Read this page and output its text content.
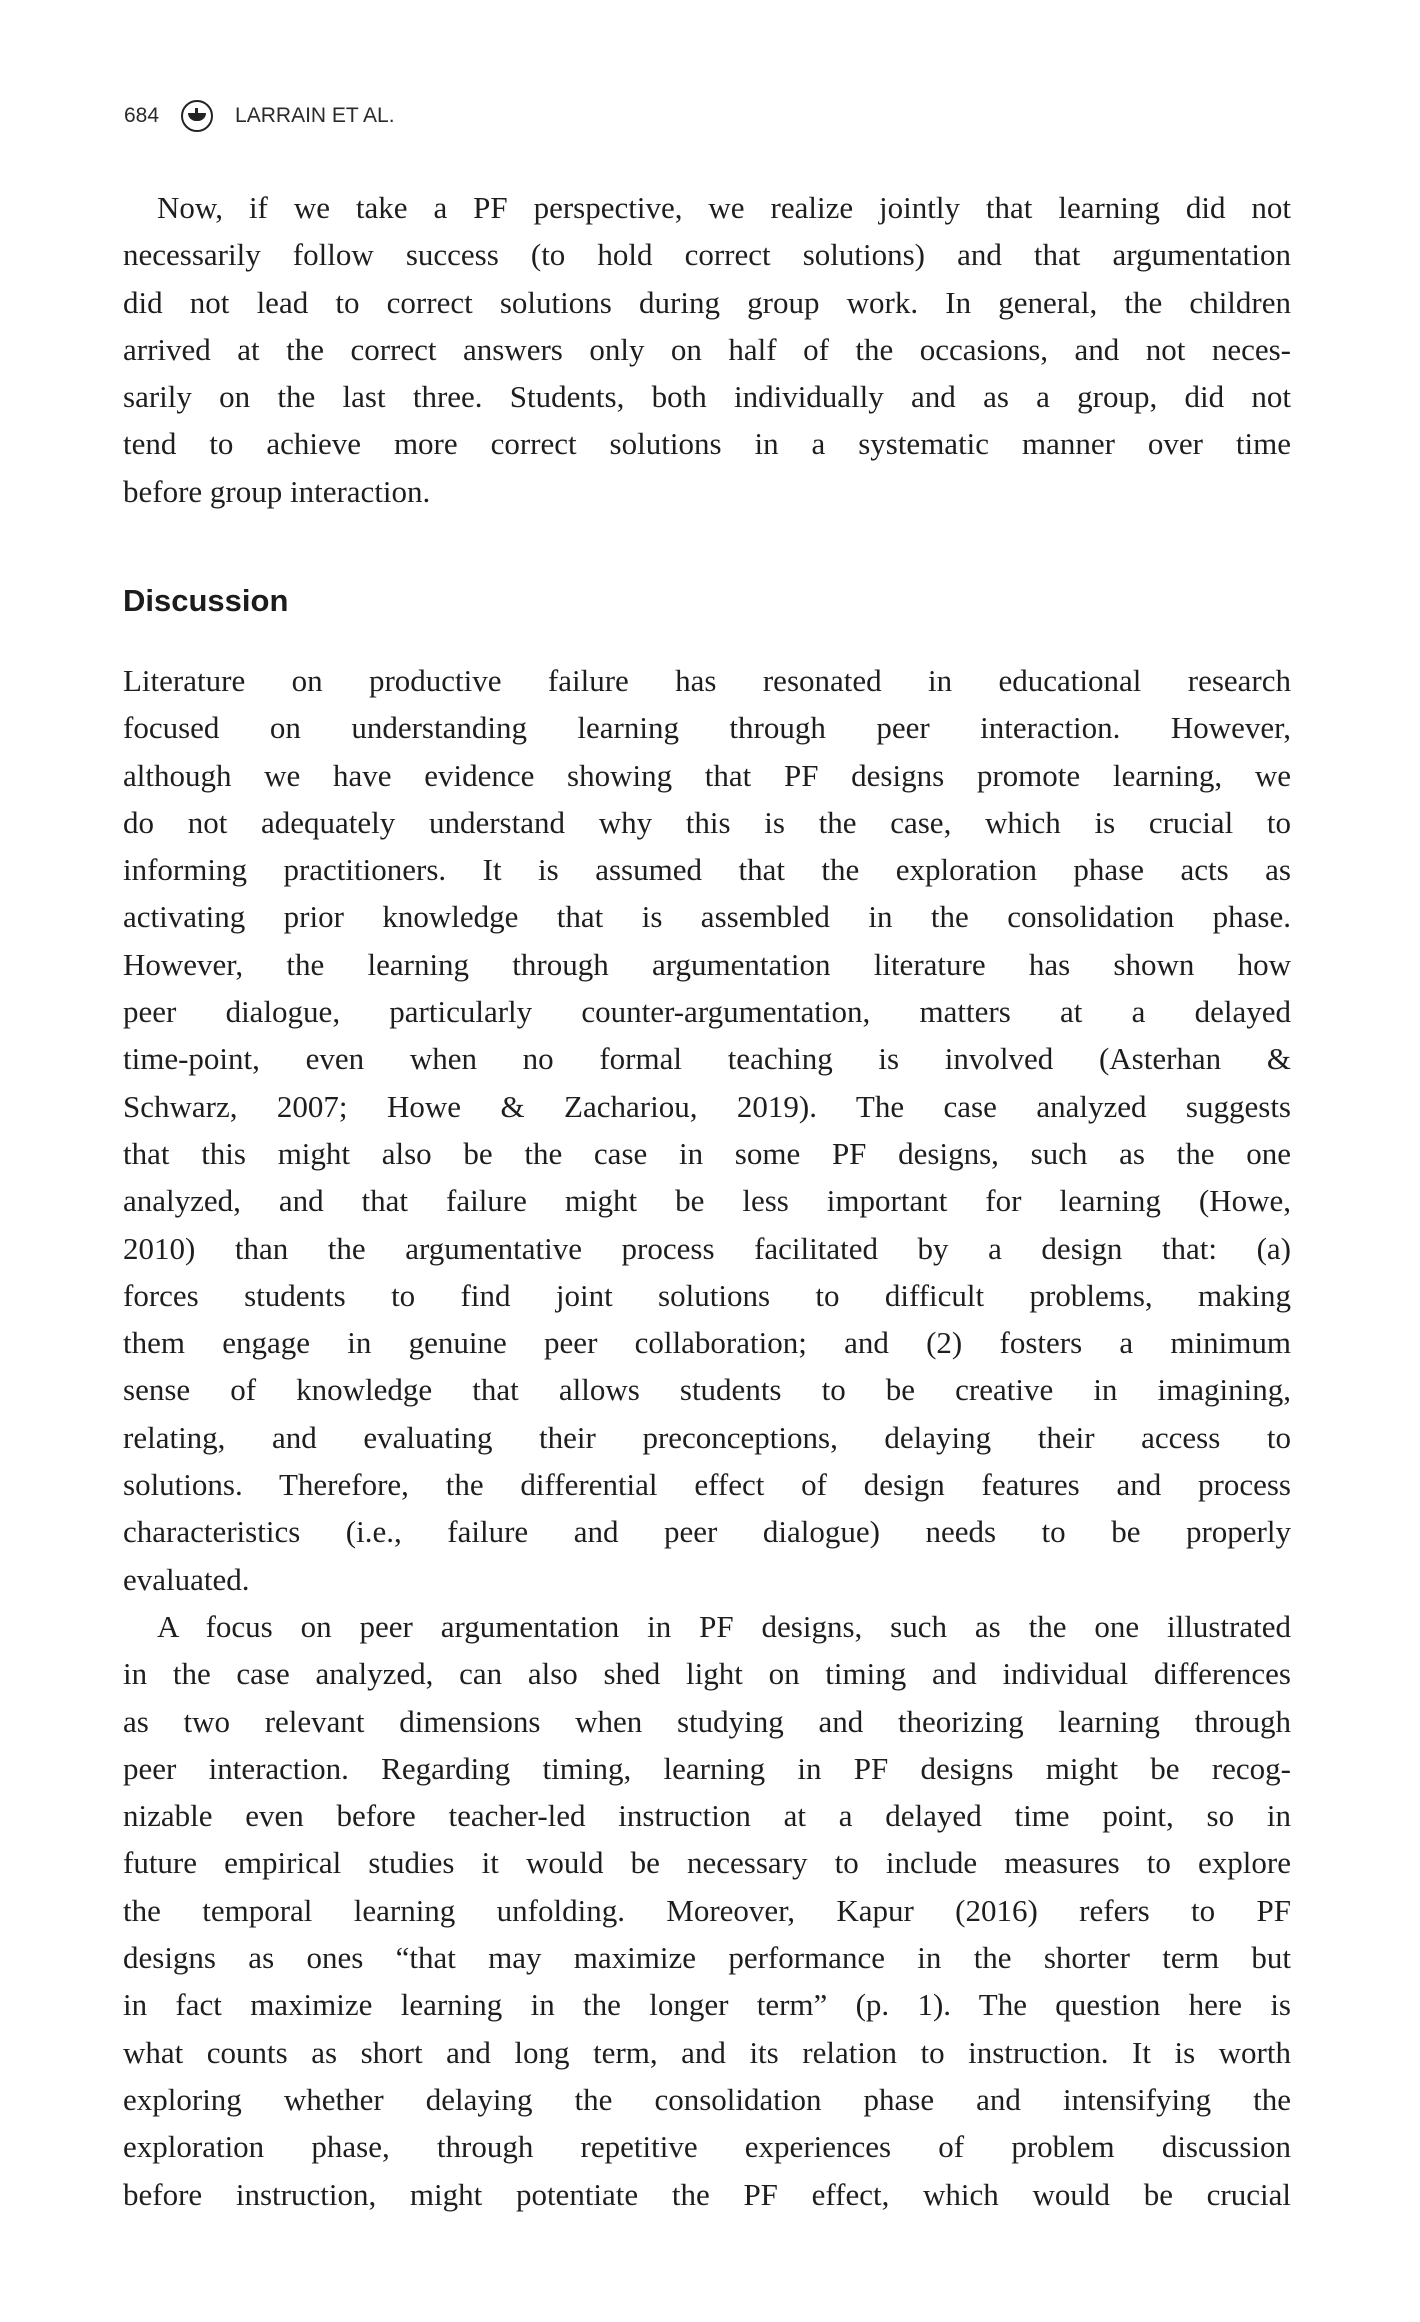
684	LARRAIN ET AL.
Now, if we take a PF perspective, we realize jointly that learning did not
necessarily follow success (to hold correct solutions) and that argumentation
did not lead to correct solutions during group work. In general, the children
arrived at the correct answers only on half of the occasions, and not neces-
sarily on the last three. Students, both individually and as a group, did not
tend to achieve more correct solutions in a systematic manner over time
before group interaction.
Discussion
Literature on productive failure has resonated in educational research
focused on understanding learning through peer interaction. However,
although we have evidence showing that PF designs promote learning, we
do not adequately understand why this is the case, which is crucial to
informing practitioners. It is assumed that the exploration phase acts as
activating prior knowledge that is assembled in the consolidation phase.
However, the learning through argumentation literature has shown how
peer dialogue, particularly counter-argumentation, matters at a delayed
time-point, even when no formal teaching is involved (Asterhan &
Schwarz, 2007; Howe & Zachariou, 2019). The case analyzed suggests
that this might also be the case in some PF designs, such as the one
analyzed, and that failure might be less important for learning (Howe,
2010) than the argumentative process facilitated by a design that: (a)
forces students to find joint solutions to difficult problems, making
them engage in genuine peer collaboration; and (2) fosters a minimum
sense of knowledge that allows students to be creative in imagining,
relating, and evaluating their preconceptions, delaying their access to
solutions. Therefore, the differential effect of design features and process
characteristics (i.e., failure and peer dialogue) needs to be properly
evaluated.
A focus on peer argumentation in PF designs, such as the one illustrated
in the case analyzed, can also shed light on timing and individual differences
as two relevant dimensions when studying and theorizing learning through
peer interaction. Regarding timing, learning in PF designs might be recog-
nizable even before teacher-led instruction at a delayed time point, so in
future empirical studies it would be necessary to include measures to explore
the temporal learning unfolding. Moreover, Kapur (2016) refers to PF
designs as ones “that may maximize performance in the shorter term but
in fact maximize learning in the longer term” (p. 1). The question here is
what counts as short and long term, and its relation to instruction. It is worth
exploring whether delaying the consolidation phase and intensifying the
exploration phase, through repetitive experiences of problem discussion
before instruction, might potentiate the PF effect, which would be crucial
